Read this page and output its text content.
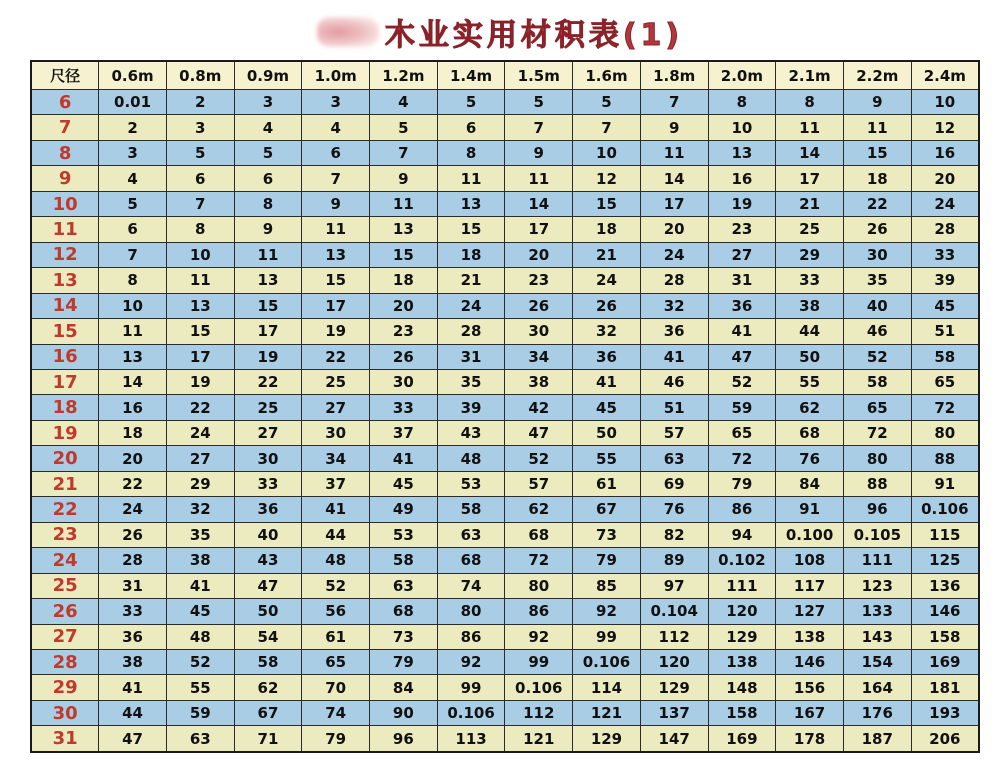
木业实用材积表(1)
尺径	0.6m	0.8m	0.9m	1.0m	1.2m	1.4m	1.5m	1.6m	1.8m	2.0m	2.1m	2.2m	2.4m
6	0.01	2	3	3	4	5	5	5	7	8	8	9	10
7	2	3	4	4	5	6	7	7	9	10	11	11	12
8	3	5	5	6	7	8	9	10	11	13	14	15	16
9	4	6	6	7	9	11	11	12	14	16	17	18	20
10	5	7	8	9	11	13	14	15	17	19	21	22	24
11	6	8	9	11	13	15	17	18	20	23	25	26	28
12	7	10	11	13	15	18	20	21	24	27	29	30	33
13	8	11	13	15	18	21	23	24	28	31	33	35	39
14	10	13	15	17	20	24	26	26	32	36	38	40	45
15	11	15	17	19	23	28	30	32	36	41	44	46	51
16	13	17	19	22	26	31	34	36	41	47	50	52	58
17	14	19	22	25	30	35	38	41	46	52	55	58	65
18	16	22	25	27	33	39	42	45	51	59	62	65	72
19	18	24	27	30	37	43	47	50	57	65	68	72	80
20	20	27	30	34	41	48	52	55	63	72	76	80	88
21	22	29	33	37	45	53	57	61	69	79	84	88	91
22	24	32	36	41	49	58	62	67	76	86	91	96	0.106
23	26	35	40	44	53	63	68	73	82	94	0.100	0.105	115
24	28	38	43	48	58	68	72	79	89	0.102	108	111	125
25	31	41	47	52	63	74	80	85	97	111	117	123	136
26	33	45	50	56	68	80	86	92	0.104	120	127	133	146
27	36	48	54	61	73	86	92	99	112	129	138	143	158
28	38	52	58	65	79	92	99	0.106	120	138	146	154	169
29	41	55	62	70	84	99	0.106	114	129	148	156	164	181
30	44	59	67	74	90	0.106	112	121	137	158	167	176	193
31	47	63	71	79	96	113	121	129	147	169	178	187	206
